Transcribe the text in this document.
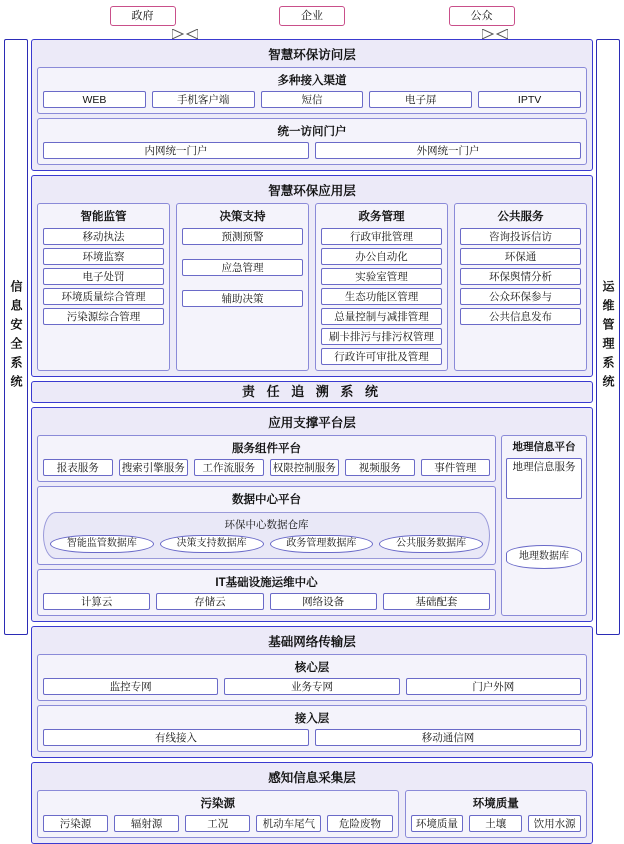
政府	企业	公众
信息安全系统
智慧环保访问层
多种接入渠道
WEB	手机客户端	短信	电子屏	IPTV
统一访问门户
内网统一门户	外网统一门户
智慧环保应用层
智能监管
移动执法
环境监察
电子处罚
环境质量综合管理
污染源综合管理
决策支持
预测预警
应急管理
辅助决策
政务管理
行政审批管理
办公自动化
实验室管理
生态功能区管理
总量控制与减排管理
刷卡排污与排污权管理
行政许可审批及管理
公共服务
咨询投诉信访
环保通
环保舆情分析
公众环保参与
公共信息发布
责 任 追 溯 系 统
应用支撑平台层
服务组件平台
报表服务	搜索引擎服务	工作流服务	权限控制服务	视频服务	事件管理
数据中心平台
环保中心数据仓库
智能监管数据库	决策支持数据库	政务管理数据库	公共服务数据库
IT基础设施运维中心
计算云	存储云	网络设备	基础配套
地理信息平台
地理信息服务
地理数据库
基础网络传输层
核心层
监控专网	业务专网	门户外网
接入层
有线接入	移动通信网
感知信息采集层
污染源
污染源	辐射源	工况	机动车尾气	危险废物
环境质量
环境质量	土壤	饮用水源
运维管理系统
